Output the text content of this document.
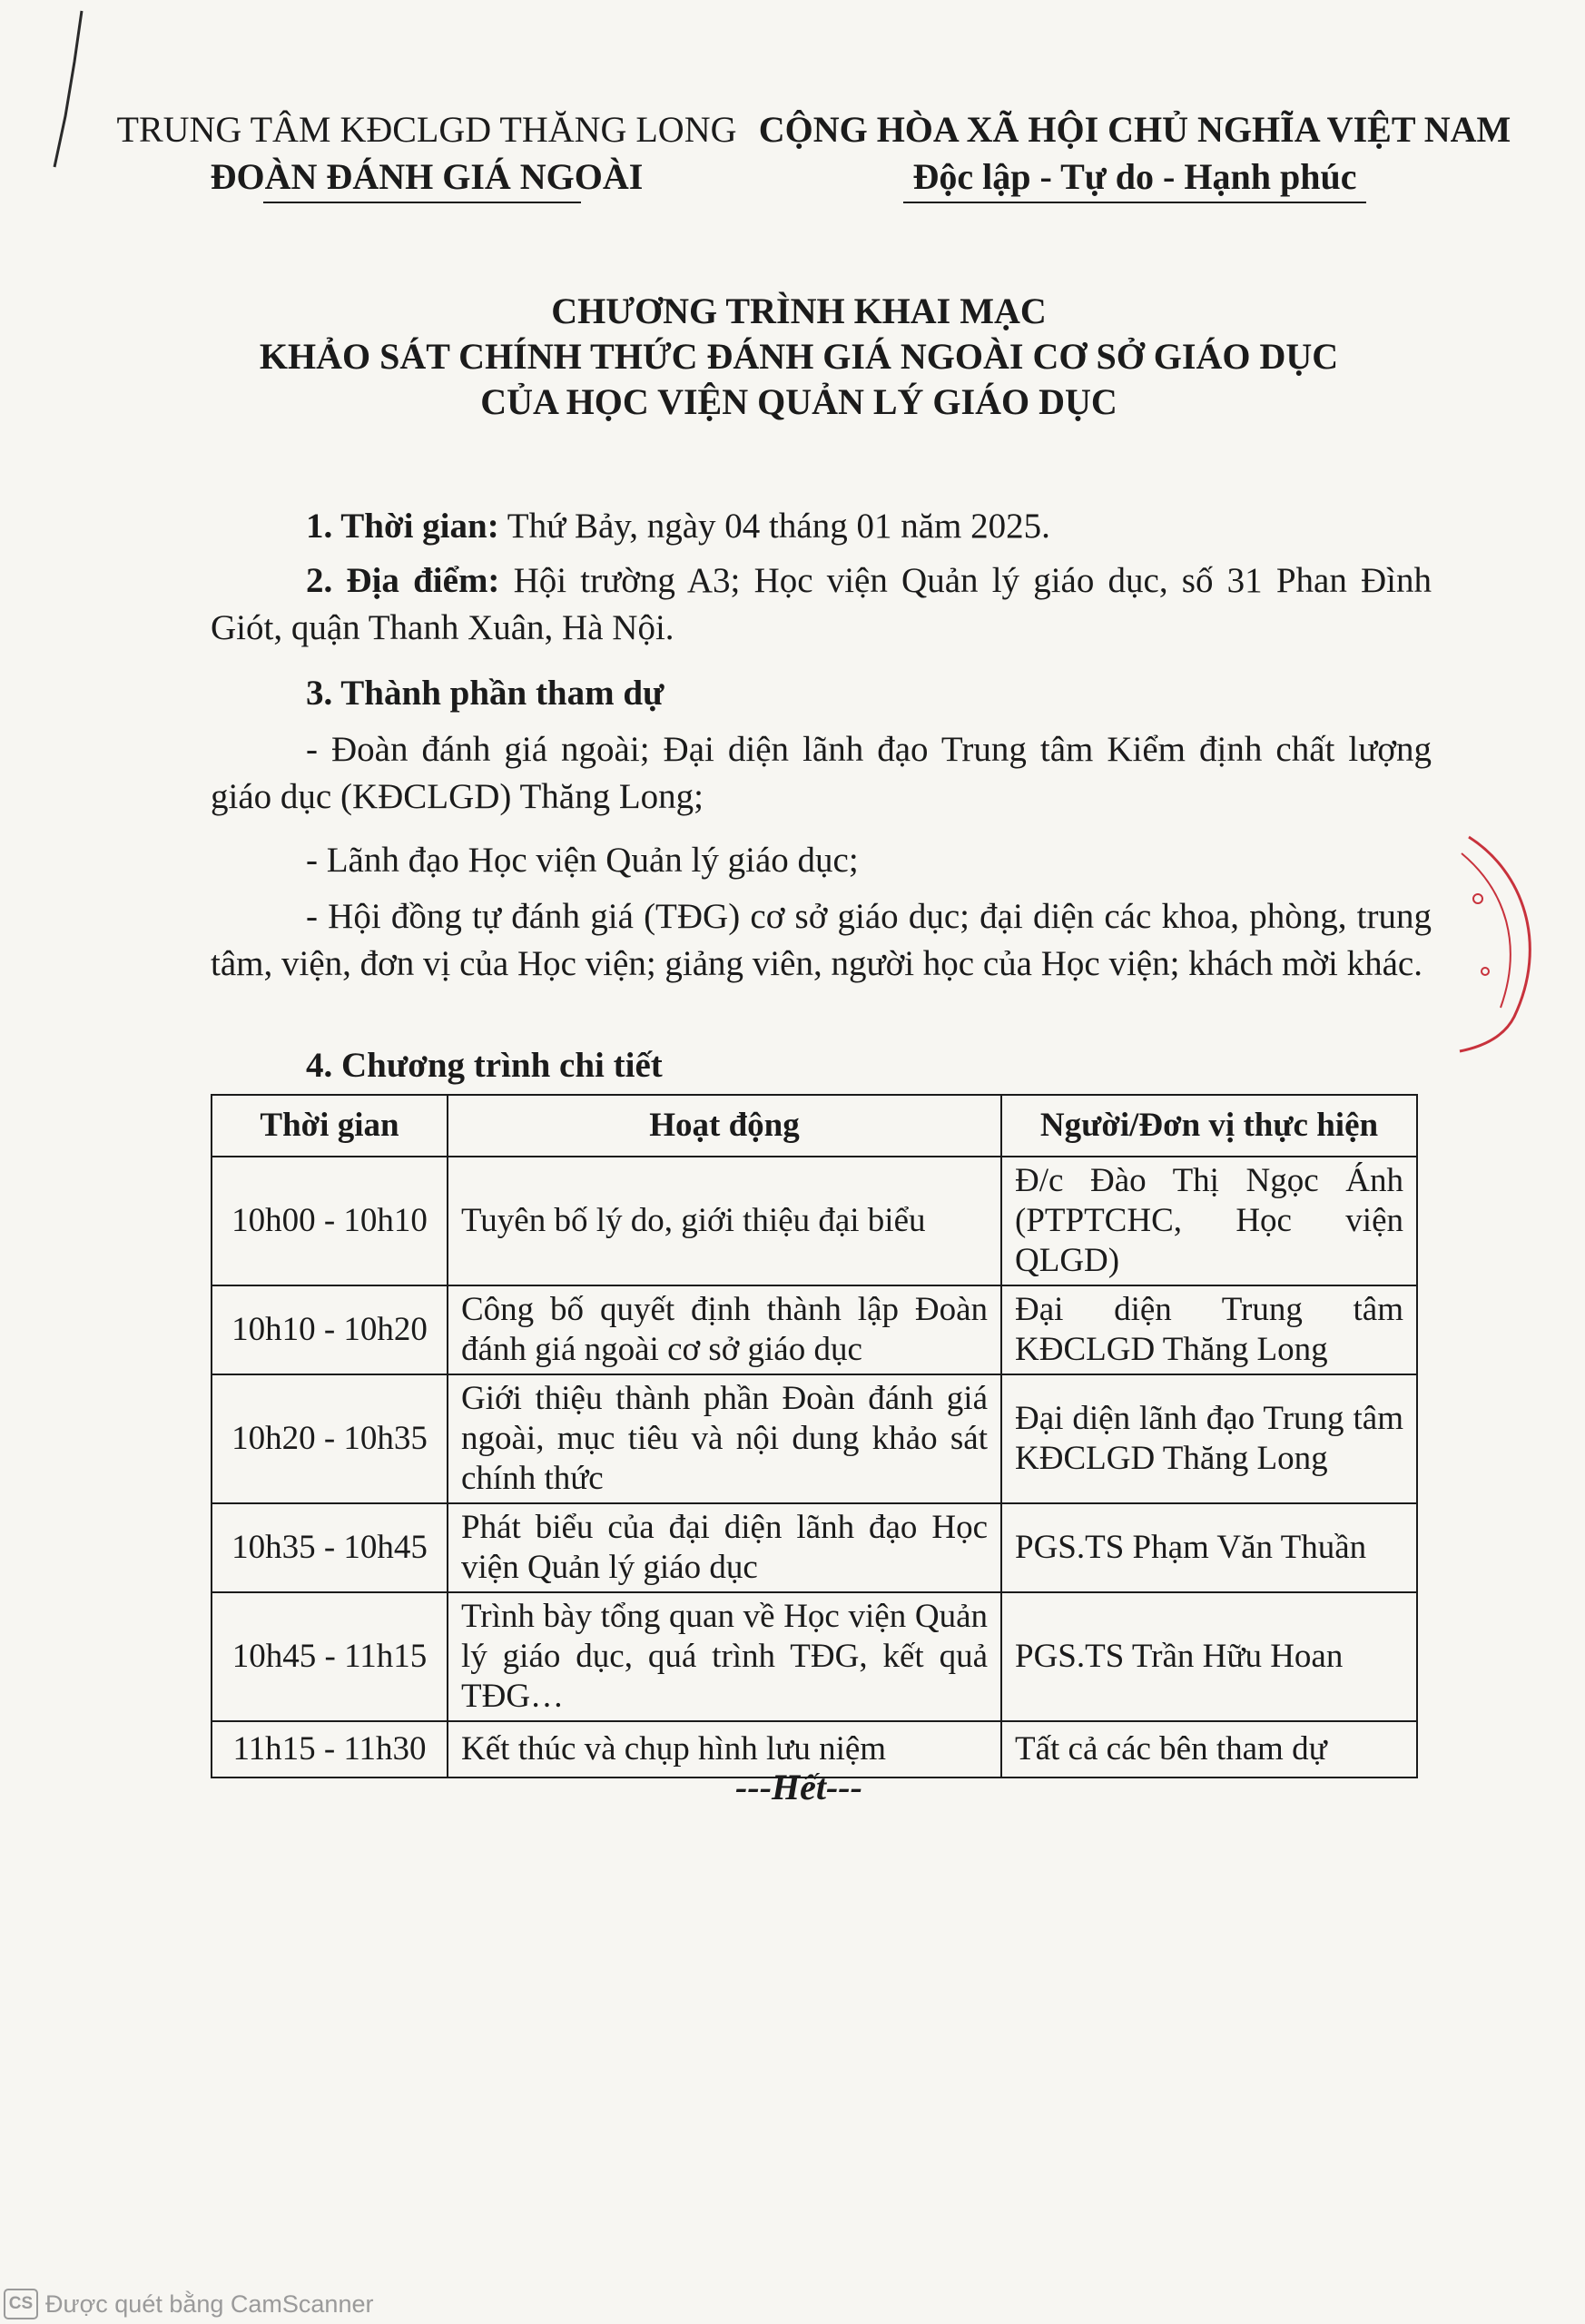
TRUNG TÂM KĐCLGD THĂNG LONG
ĐOÀN ĐÁNH GIÁ NGOÀI
CỘNG HÒA XÃ HỘI CHỦ NGHĨA VIỆT NAM
Độc lập - Tự do - Hạnh phúc
CHƯƠNG TRÌNH KHAI MẠC
KHẢO SÁT CHÍNH THỨC ĐÁNH GIÁ NGOÀI CƠ SỞ GIÁO DỤC
CỦA HỌC VIỆN QUẢN LÝ GIÁO DỤC
1. Thời gian: Thứ Bảy, ngày 04 tháng 01 năm 2025.
2. Địa điểm: Hội trường A3; Học viện Quản lý giáo dục, số 31 Phan Đình Giót, quận Thanh Xuân, Hà Nội.
3. Thành phần tham dự
- Đoàn đánh giá ngoài; Đại diện lãnh đạo Trung tâm Kiểm định chất lượng giáo dục (KĐCLGD) Thăng Long;
- Lãnh đạo Học viện Quản lý giáo dục;
- Hội đồng tự đánh giá (TĐG) cơ sở giáo dục; đại diện các khoa, phòng, trung tâm, viện, đơn vị của Học viện; giảng viên, người học của Học viện; khách mời khác.
4. Chương trình chi tiết
Thời gian	Hoạt động	Người/Đơn vị thực hiện
10h00 - 10h10	Tuyên bố lý do, giới thiệu đại biểu	Đ/c Đào Thị Ngọc Ánh (PTPTCHC, Học viện QLGD)
10h10 - 10h20	Công bố quyết định thành lập Đoàn đánh giá ngoài cơ sở giáo dục	Đại diện Trung tâm KĐCLGD Thăng Long
10h20 - 10h35	Giới thiệu thành phần Đoàn đánh giá ngoài, mục tiêu và nội dung khảo sát chính thức	Đại diện lãnh đạo Trung tâm KĐCLGD Thăng Long
10h35 - 10h45	Phát biểu của đại diện lãnh đạo Học viện Quản lý giáo dục	PGS.TS Phạm Văn Thuần
10h45 - 11h15	Trình bày tổng quan về Học viện Quản lý giáo dục, quá trình TĐG, kết quả TĐG…	PGS.TS Trần Hữu Hoan
11h15 - 11h30	Kết thúc và chụp hình lưu niệm	Tất cả các bên tham dự
---Hết---
CS Được quét bằng CamScanner
